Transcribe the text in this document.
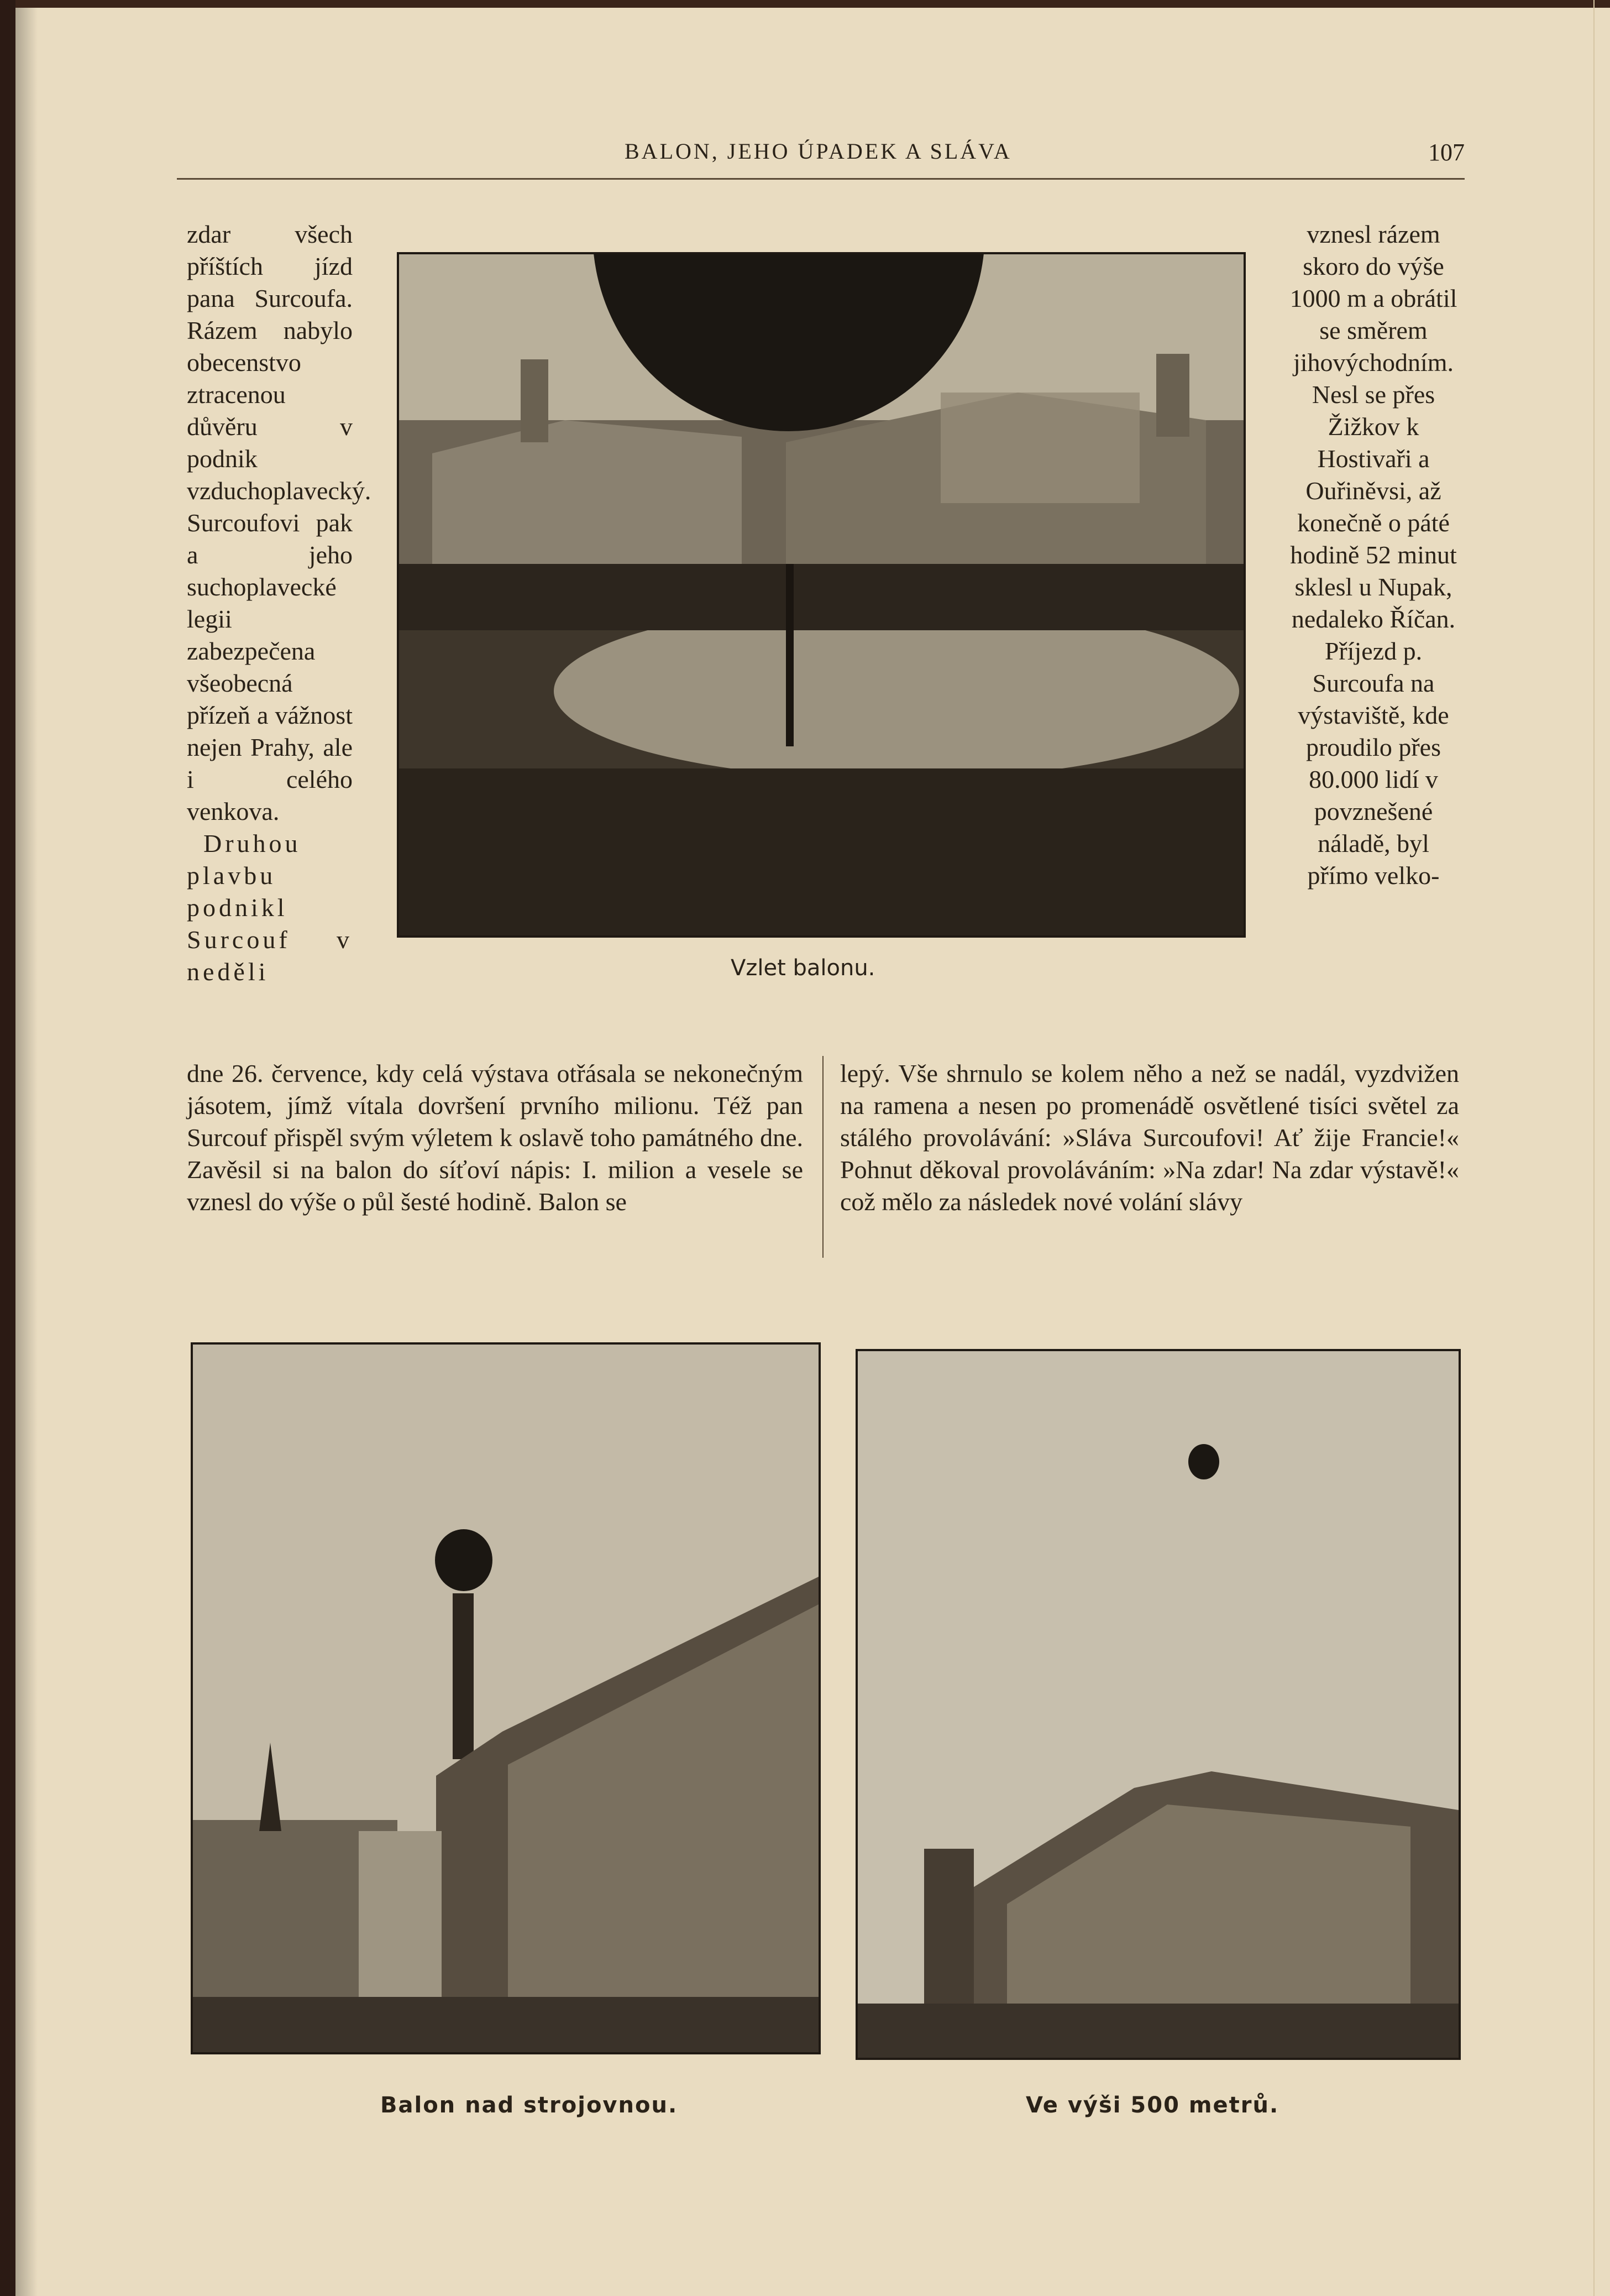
BALON, JEHO ÚPADEK A SLÁVA	107

zdar všech příštích jízd pana Surcoufa. Rázem nabylo obecenstvo ztracenou důvěru v podnik vzduchoplavecký. Surcoufovi pak a jeho suchoplavecké legii zabezpečena všeobecná přízeň a vážnost nejen Prahy, ale i celého venkova.

Druhou plavbu podnikl Surcouf v neděli	Vzlet balonu.

vznesl rázem skoro do výše 1000 m a obrátil se směrem jihovýchodním. Nesl se přes Žižkov k Hostivaři a Ouřiněvsi, až konečně o páté hodině 52 minut sklesl u Nupak, nedaleko Říčan.

Příjezd p. Surcoufa na výstaviště, kde proudilo přes 80.000 lidí v povznešené náladě, byl přímo velko-

dne 26. července, kdy celá výstava otřásala se nekonečným jásotem, jímž vítala dovršení prvního milionu. Též pan Surcouf přispěl svým výletem k oslavě toho památného dne. Zavěsil si na balon do síťoví nápis: I. milion a vesele se vznesl do výše o půl šesté hodině. Balon se
lepý. Vše shrnulo se kolem něho a než se nadál, vyzdvižen na ramena a nesen po promenádě osvětlené tisíci světel za stálého provolávání: »Sláva Surcoufovi! Ať žije Francie!« Pohnut děkoval provoláváním: »Na zdar! Na zdar výstavě!« což mělo za následek nové volání slávy
Balon nad strojovnou.	Ve výši 500 metrů.
